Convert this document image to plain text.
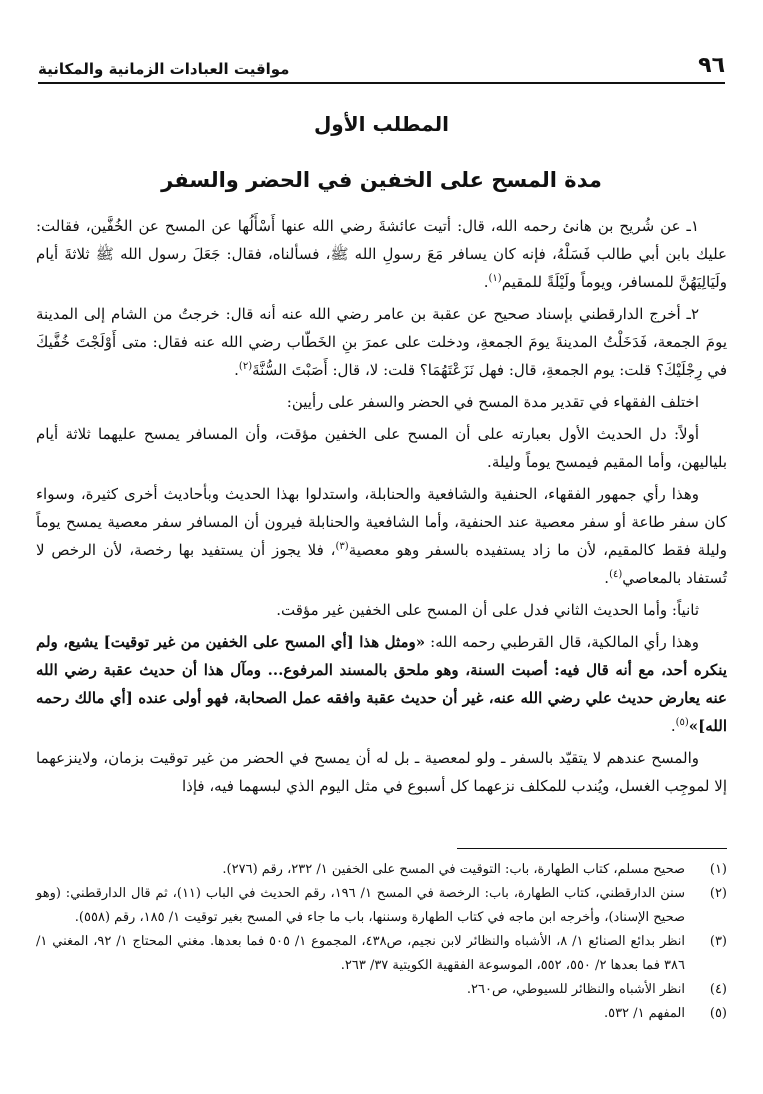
٩٦
مواقيت العبادات الزمانية والمكانية
المطلب الأول
مدة المسح على الخفين في الحضر والسفر

١ـ عن شُريح بن هانئ رحمه الله، قال: أتيت عائشةَ رضي الله عنها أَسْأَلُها عن المسح عن الخُفَّين، فقالت: عليك بابن أبي طالب فَسَلْهُ، فإنه كان يسافر مَعَ رسولِ الله ﷺ، فسألناه، فقال: جَعَلَ رسول الله ﷺ ثلاثةَ أيام ولَيَالِيَهُنَّ للمسافر، ويوماً ولَيْلَةً للمقيم$^{(١)}$.

٢ـ أخرج الدارقطني بإسناد صحيح عن عقبة بن عامر رضي الله عنه أنه قال: خرجتُ من الشام إلى المدينة يومَ الجمعة، فَدَخَلْتُ المدينةَ يومَ الجمعةِ، ودخلت على عمرَ بنِ الخَطّاب رضي الله عنه فقال: متى أَوْلَجْتَ خُفَّيكَ في رِجْلَيْكَ؟ قلت: يوم الجمعةِ، قال: فهل نَزَعْتَهُمَا؟ قلت: لا، قال: أَصَبْتَ السُّنَّةَ$^{(٢)}$.

اختلف الفقهاء في تقدير مدة المسح في الحضر والسفر على رأيين:

أولاً: دل الحديث الأول بعبارته على أن المسح على الخفين مؤقت، وأن المسافر يمسح عليهما ثلاثة أيام بلياليهن، وأما المقيم فيمسح يوماً وليلة.

وهذا رأي جمهور الفقهاء، الحنفية والشافعية والحنابلة، واستدلوا بهذا الحديث وبأحاديث أخرى كثيرة، وسواء كان سفر طاعة أو سفر معصية عند الحنفية، وأما الشافعية والحنابلة فيرون أن المسافر سفر معصية يمسح يوماً وليلة فقط كالمقيم، لأن ما زاد يستفيده بالسفر وهو معصية$^{(٣)}$، فلا يجوز أن يستفيد بها رخصة، لأن الرخص لا تُستفاد بالمعاصي$^{(٤)}$.

ثانياً: وأما الحديث الثاني فدل على أن المسح على الخفين غير مؤقت.

وهذا رأي المالكية، قال القرطبي رحمه الله: «ومثل هذا [أي المسح على الخفين من غير توقيت] يشيع، ولم ينكره أحد، مع أنه قال فيه: أصبت السنة، وهو ملحق بالمسند المرفوع... ومآل هذا أن حديث عقبة رضي الله عنه يعارض حديث علي رضي الله عنه، غير أن حديث عقبة وافقه عمل الصحابة، فهو أولى عنده [أي مالك رحمه الله]»$^{(٥)}$.

والمسح عندهم لا يتقيّد بالسفر ـ ولو لمعصية ـ بل له أن يمسح في الحضر من غير توقيت بزمان، ولاينزعهما إلا لموجِب الغسل، ويُندب للمكلف نزعهما كل أسبوع في مثل اليوم الذي لبسهما فيه، فإذا

(١)
صحيح مسلم، كتاب الطهارة، باب: التوقيت في المسح على الخفين ١/ ٢٣٢، رقم (٢٧٦).
(٢)
سنن الدارقطني، كتاب الطهارة، باب: الرخصة في المسح ١/ ١٩٦، رقم الحديث في الباب (١١)، ثم قال الدارقطني: (وهو صحيح الإسناد)، وأخرجه ابن ماجه في كتاب الطهارة وسننها، باب ما جاء في المسح بغير توقيت ١/ ١٨٥، رقم (٥٥٨).
(٣)
انظر بدائع الصنائع ١/ ٨، الأشباه والنظائر لابن نجيم، ص٤٣٨، المجموع ١/ ٥٠٥ فما بعدها. مغني المحتاج ١/ ٩٢، المغني ١/ ٣٨٦ فما بعدها ٢/ ٥٥٠، ٥٥٢، الموسوعة الفقهية الكويتية ٣٧/ ٢٦٣.
(٤)
انظر الأشباه والنظائر للسيوطي، ص٢٦٠.
(٥)
المفهم ١/ ٥٣٢.
